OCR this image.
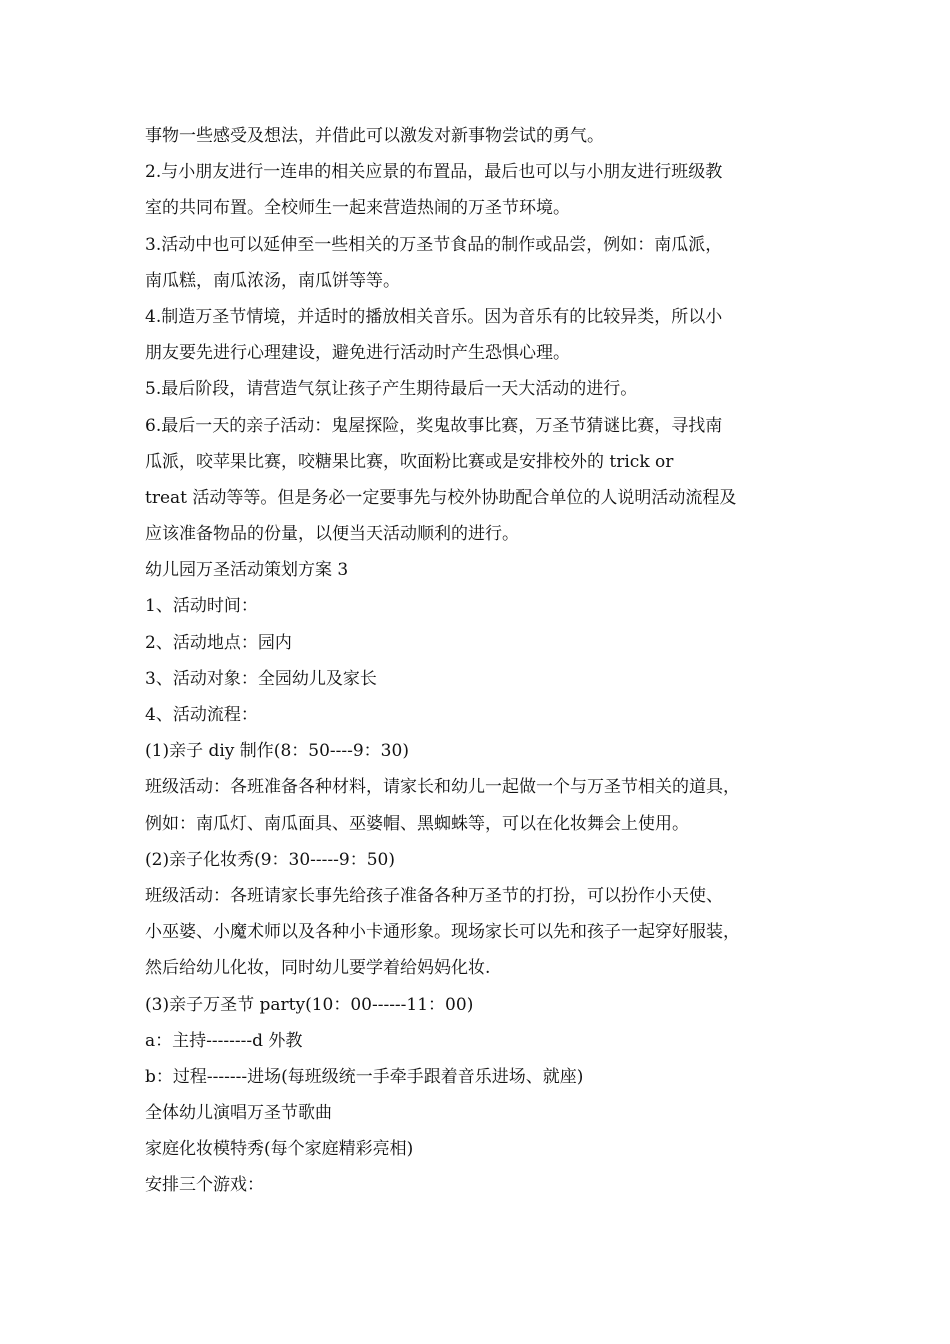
事物一些感受及想法，并借此可以激发对新事物尝试的勇气。
2.与小朋友进行一连串的相关应景的布置品，最后也可以与小朋友进行班级教
室的共同布置。全校师生一起来营造热闹的万圣节环境。
3.活动中也可以延伸至一些相关的万圣节食品的制作或品尝，例如：南瓜派，
南瓜糕，南瓜浓汤，南瓜饼等等。
4.制造万圣节情境，并适时的播放相关音乐。因为音乐有的比较异类，所以小
朋友要先进行心理建设，避免进行活动时产生恐惧心理。
5.最后阶段，请营造气氛让孩子产生期待最后一天大活动的进行。
6.最后一天的亲子活动：鬼屋探险，奖鬼故事比赛，万圣节猜谜比赛，寻找南
瓜派，咬苹果比赛，咬糖果比赛，吹面粉比赛或是安排校外的 trick or
treat 活动等等。但是务必一定要事先与校外协助配合单位的人说明活动流程及
应该准备物品的份量，以便当天活动顺利的进行。
幼儿园万圣活动策划方案 3
1、活动时间：
2、活动地点：园内
3、活动对象：全园幼儿及家长
4、活动流程：
(1)亲子 diy 制作(8：50----9：30)
班级活动：各班准备各种材料，请家长和幼儿一起做一个与万圣节相关的道具，
例如：南瓜灯、南瓜面具、巫婆帽、黑蜘蛛等，可以在化妆舞会上使用。
(2)亲子化妆秀(9：30-----9：50)
班级活动：各班请家长事先给孩子准备各种万圣节的打扮，可以扮作小天使、
小巫婆、小魔术师以及各种小卡通形象。现场家长可以先和孩子一起穿好服装，
然后给幼儿化妆，同时幼儿要学着给妈妈化妆.
(3)亲子万圣节 party(10：00------11：00)
a：主持--------d 外教
b：过程-------进场(每班级统一手牵手跟着音乐进场、就座)
全体幼儿演唱万圣节歌曲
家庭化妆模特秀(每个家庭精彩亮相)
安排三个游戏：
